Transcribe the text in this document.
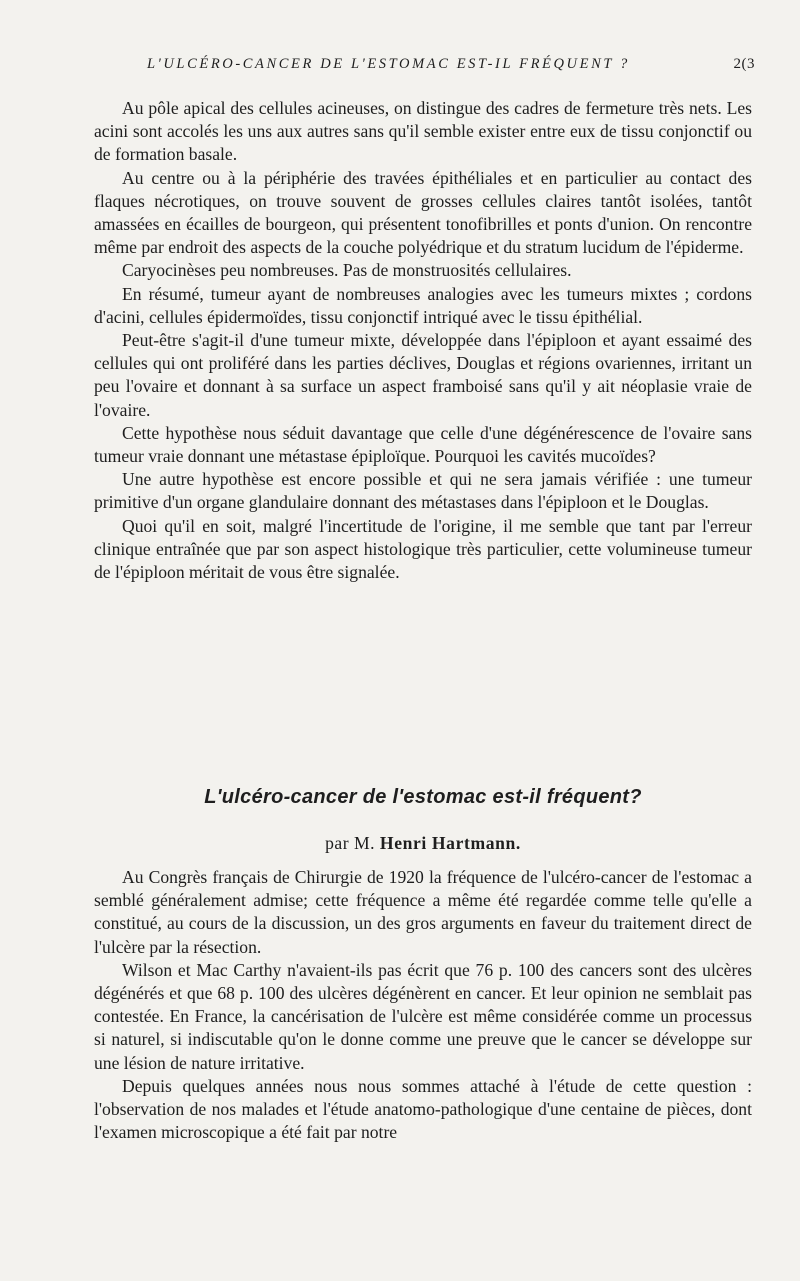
L'ULCÉRO-CANCER DE L'ESTOMAC EST-IL FRÉQUENT ?	2(3

Au pôle apical des cellules acineuses, on distingue des cadres de fermeture très nets. Les acini sont accolés les uns aux autres sans qu'il semble exister entre eux de tissu conjonctif ou de formation basale.

Au centre ou à la périphérie des travées épithéliales et en particulier au contact des flaques nécrotiques, on trouve souvent de grosses cellules claires tantôt isolées, tantôt amassées en écailles de bourgeon, qui présentent tonofibrilles et ponts d'union. On rencontre même par endroit des aspects de la couche polyédrique et du stratum lucidum de l'épiderme.

Caryocinèses peu nombreuses. Pas de monstruosités cellulaires.

En résumé, tumeur ayant de nombreuses analogies avec les tumeurs mixtes ; cordons d'acini, cellules épidermoïdes, tissu conjonctif intriqué avec le tissu épithélial.

Peut-être s'agit-il d'une tumeur mixte, développée dans l'épiploon et ayant essaimé des cellules qui ont proliféré dans les parties déclives, Douglas et régions ovariennes, irritant un peu l'ovaire et donnant à sa surface un aspect framboisé sans qu'il y ait néoplasie vraie de l'ovaire.

Cette hypothèse nous séduit davantage que celle d'une dégénérescence de l'ovaire sans tumeur vraie donnant une métastase épiploïque. Pourquoi les cavités mucoïdes?

Une autre hypothèse est encore possible et qui ne sera jamais vérifiée : une tumeur primitive d'un organe glandulaire donnant des métastases dans l'épiploon et le Douglas.

Quoi qu'il en soit, malgré l'incertitude de l'origine, il me semble que tant par l'erreur clinique entraînée que par son aspect histologique très particulier, cette volumineuse tumeur de l'épiploon méritait de vous être signalée.

L'ulcéro-cancer de l'estomac est-il fréquent?
par M. Henri Hartmann.

Au Congrès français de Chirurgie de 1920 la fréquence de l'ulcéro-cancer de l'estomac a semblé généralement admise; cette fréquence a même été regardée comme telle qu'elle a constitué, au cours de la discussion, un des gros arguments en faveur du traitement direct de l'ulcère par la résection.

Wilson et Mac Carthy n'avaient-ils pas écrit que 76 p. 100 des cancers sont des ulcères dégénérés et que 68 p. 100 des ulcères dégénèrent en cancer. Et leur opinion ne semblait pas contestée. En France, la cancérisation de l'ulcère est même considérée comme un processus si naturel, si indiscutable qu'on le donne comme une preuve que le cancer se développe sur une lésion de nature irritative.

Depuis quelques années nous nous sommes attaché à l'étude de cette question : l'observation de nos malades et l'étude anatomo-pathologique d'une centaine de pièces, dont l'examen microscopique a été fait par notre
